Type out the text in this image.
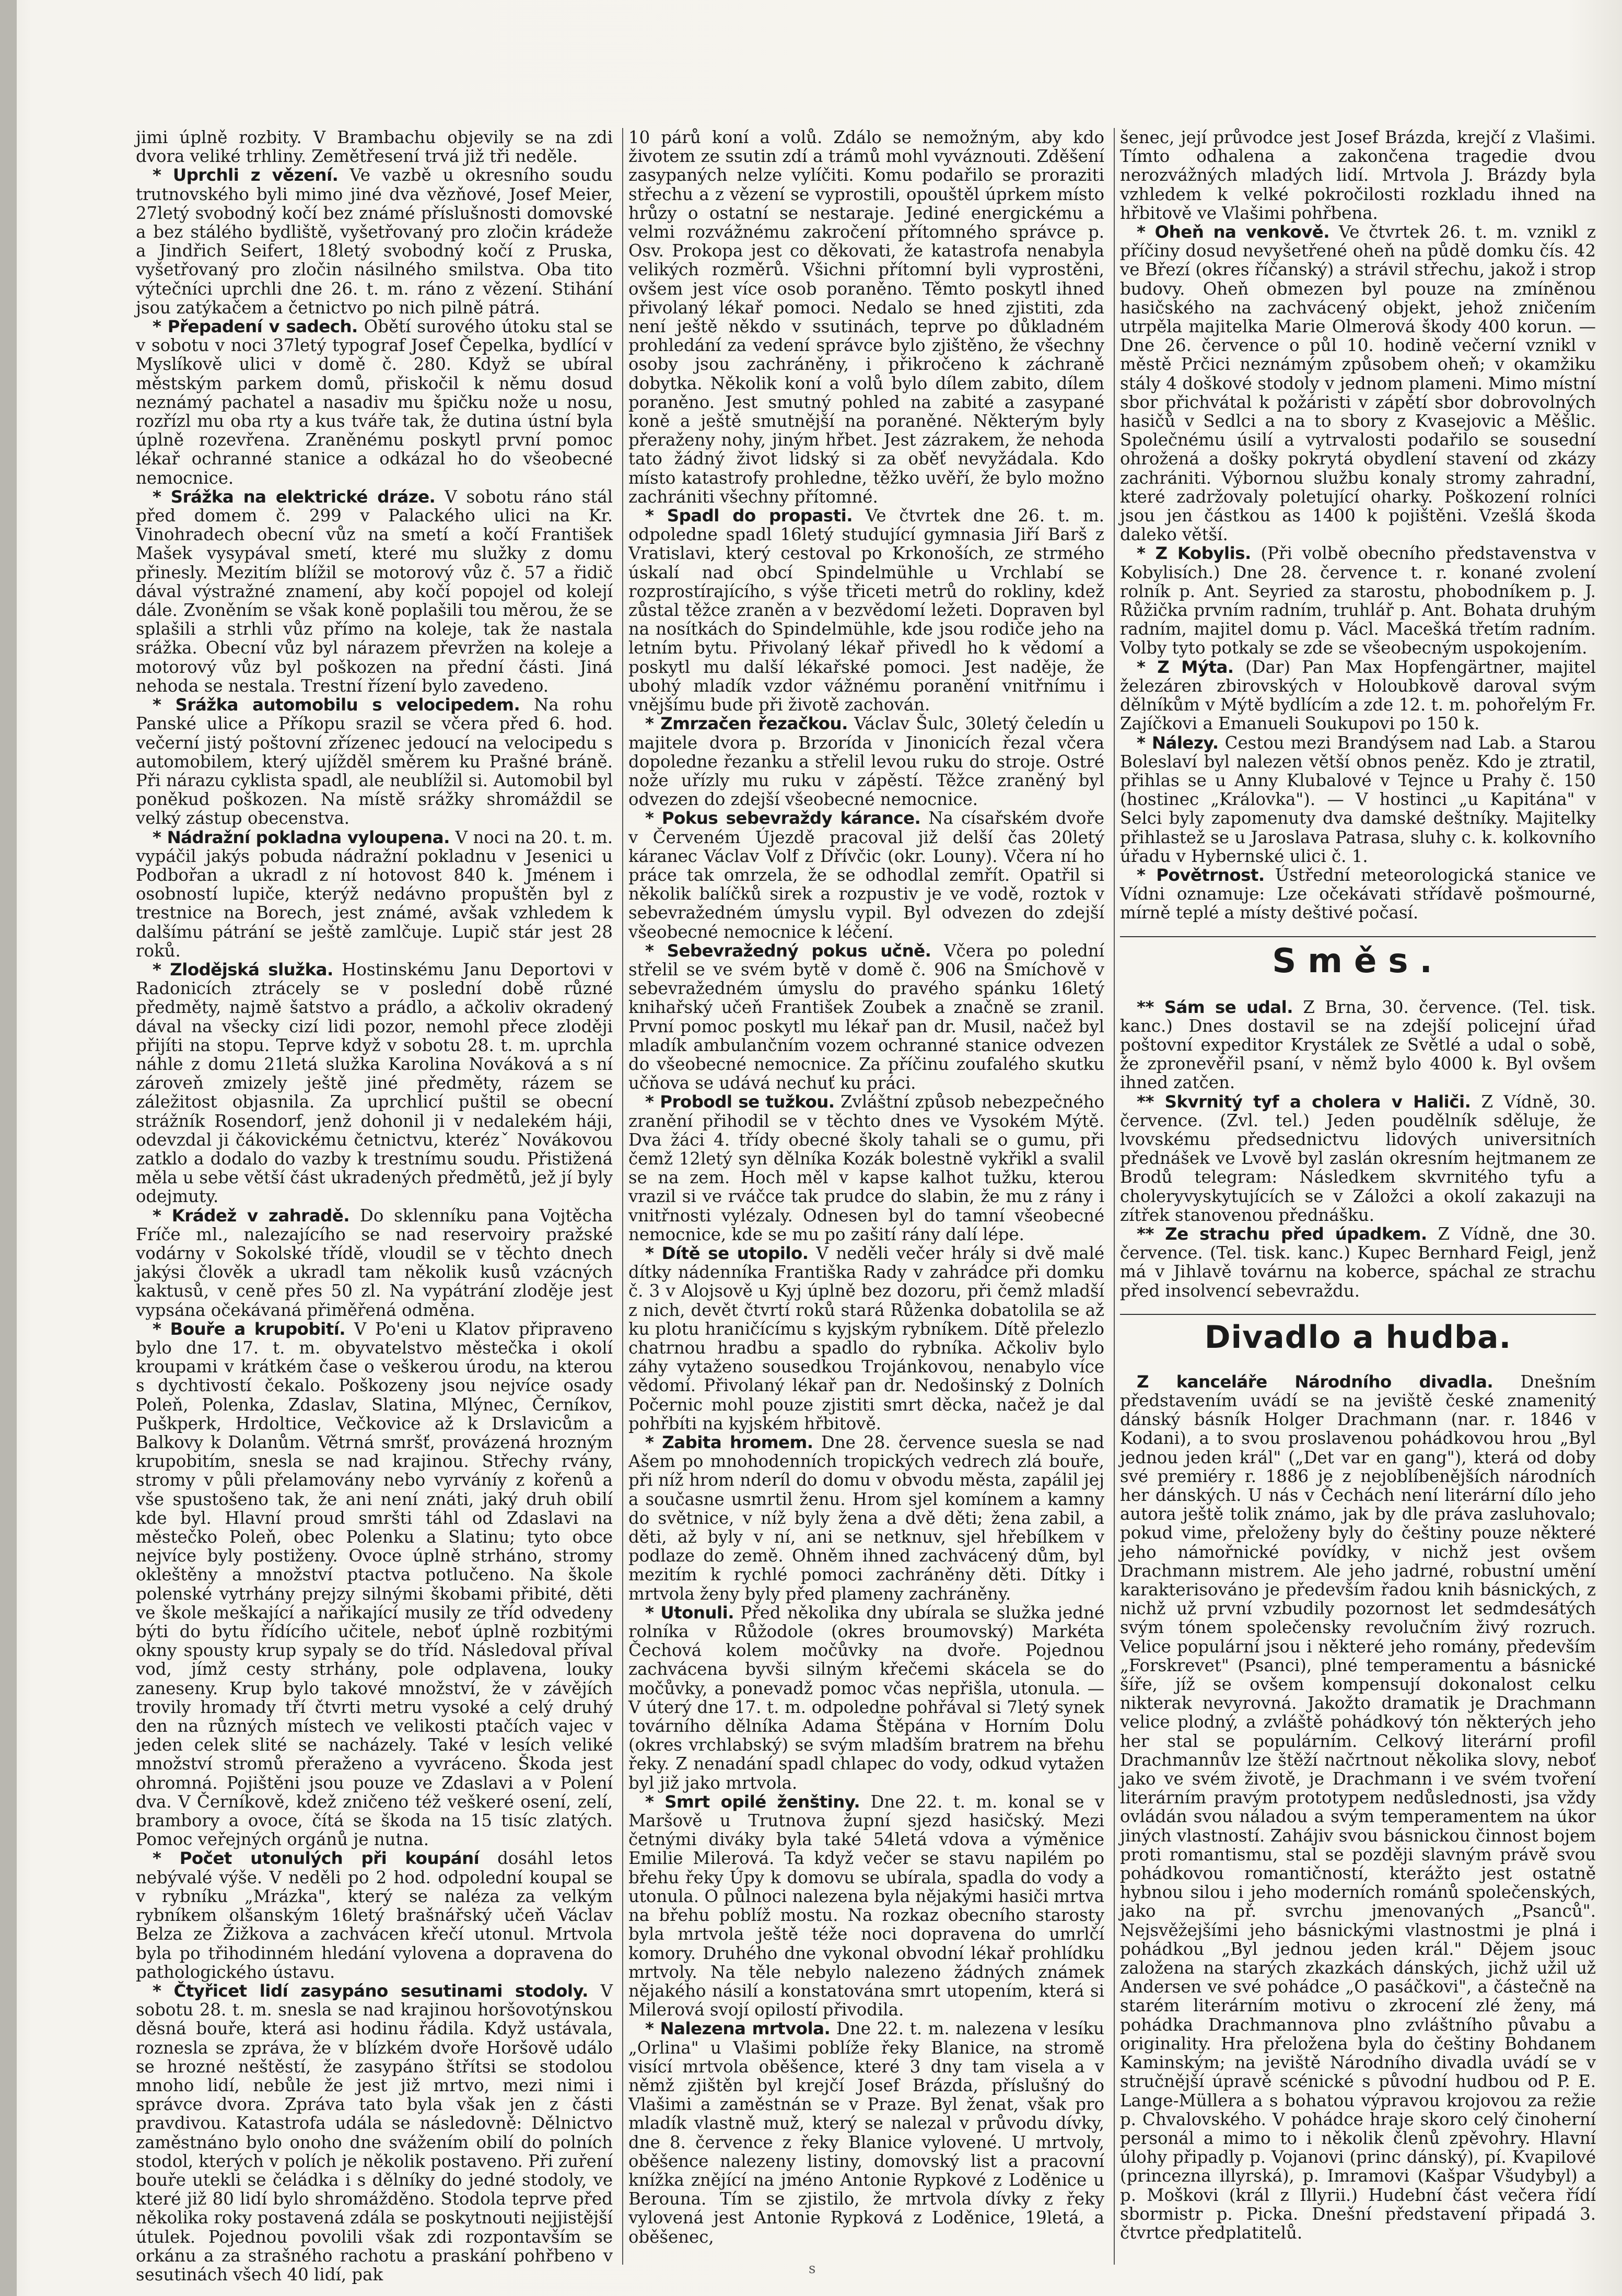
jimi úplně rozbity. V Brambachu objevily se na zdi dvora veliké trhliny. Zemětřesení trvá již tři neděle.

* Uprchli z vězení. Ve vazbě u okresního soudu trutnovského byli mimo jiné dva vězňové, Josef Meier, 27letý svobodný kočí bez známé příslušnosti domovské a bez stálého bydliště, vyšetřovaný pro zločin krádeže a Jindřich Seifert, 18letý svobodný kočí z Pruska, vyšetřovaný pro zločin násilného smilstva. Oba tito výtečníci uprchli dne 26. t. m. ráno z vězení. Stihání jsou zatýkačem a četnictvo po nich pilně pátrá.

* Přepadení v sadech. Obětí surového útoku stal se v sobotu v noci 37letý typograf Josef Čepelka, bydlící v Myslíkově ulici v domě č. 280. Když se ubíral městským parkem domů, přiskočil k němu dosud neznámý pachatel a nasadiv mu špičku nože u nosu, rozřízl mu oba rty a kus tváře tak, že dutina ústní byla úplně rozevřena. Zraněnému poskytl první pomoc lékař ochranné stanice a odkázal ho do všeobecné nemocnice.

* Srážka na elektrické dráze. V sobotu ráno stál před domem č. 299 v Palackého ulici na Kr. Vinohradech obecní vůz na smetí a kočí František Mašek vysypával smetí, které mu služky z domu přinesly. Mezitím blížil se motorový vůz č. 57 a řidič dával výstražné znamení, aby kočí popojel od kolejí dále. Zvoněním se však koně poplašili tou měrou, že se splašili a strhli vůz přímo na koleje, tak že nastala srážka. Obecní vůz byl nárazem převržen na koleje a motorový vůz byl poškozen na přední části. Jiná nehoda se nestala. Trestní řízení bylo zavedeno.

* Srážka automobilu s velocipedem. Na rohu Panské ulice a Příkopu srazil se včera před 6. hod. večerní jistý poštovní zřízenec jedoucí na velocipedu s automobilem, který ujížděl směrem ku Prašné bráně. Při nárazu cyklista spadl, ale neublížil si. Automobil byl poněkud poškozen. Na místě srážky shromáždil se velký zástup obecenstva.

* Nádražní pokladna vyloupena. V noci na 20. t. m. vypáčil jakýs pobuda nádražní pokladnu v Jesenici u Podbořan a ukradl z ní hotovost 840 k. Jménem i osobností lupiče, kterýž nedávno propuštěn byl z trestnice na Borech, jest známé, avšak vzhledem k dalšímu pátrání se ještě zamlčuje. Lupič stár jest 28 roků.

* Zlodějská služka. Hostinskému Janu Deportovi v Radonicích ztrácely se v poslední době různé předměty, najmě šatstvo a prádlo, a ačkoliv okradený dával na všecky cizí lidi pozor, nemohl přece zloději přijíti na stopu. Teprve když v sobotu 28. t. m. uprchla náhle z domu 21letá služka Karolina Nováková a s ní zároveň zmizely ještě jiné předměty, rázem se záležitost objasnila. Za uprchlicí puštil se obecní strážník Rosendorf, jenž dohonil ji v nedalekém háji, odevzdal ji čákovickému četnictvu, kterézˇ Novákovou zatklo a dodalo do vazby k trestnímu soudu. Přistižená měla u sebe větší část ukradených předmětů, jež jí byly odejmuty.

* Krádež v zahradě. Do sklenníku pana Vojtěcha Fríče ml., nalezajícího se nad reservoiry pražské vodárny v Sokolské třídě, vloudil se v těchto dnech jakýsi člověk a ukradl tam několik kusů vzácných kaktusů, v ceně přes 50 zl. Na vypátrání zloděje jest vypsána očekávaná přiměřená odměna.

* Bouře a krupobití. V Po'eni u Klatov připraveno bylo dne 17. t. m. obyvatelstvo městečka i okolí kroupami v krátkém čase o veškerou úrodu, na kterou s dychtivostí čekalo. Poškozeny jsou nejvíce osady Poleň, Polenka, Zdaslav, Slatina, Mlýnec, Černíkov, Puškperk, Hrdoltice, Večkovice až k Drslavicům a Balkovy k Dolanům. Větrná smršť, provázená hrozným krupobitím, snesla se nad krajinou. Střechy rvány, stromy v půli přelamovány nebo vyrváníy z kořenů a vše spustošeno tak, že ani není znáti, jaký druh obilí kde byl. Hlavní proud smršti táhl od Zdaslavi na městečko Poleň, obec Polenku a Slatinu; tyto obce nejvíce byly postiženy. Ovoce úplně strháno, stromy okleštěny a množství ptactva potlučeno. Na škole polenské vytrhány prejzy silnými škobami přibité, děti ve škole meškající a nařikající musily ze tříd odvedeny býti do bytu řídícího učitele, neboť úplně rozbitými okny spousty krup sypaly se do tříd. Následoval příval vod, jímž cesty strhány, pole odplavena, louky zaneseny. Krup bylo takové množství, že v závějích trovily hromady tří čtvrti metru vysoké a celý druhý den na různých místech ve velikosti ptačích vajec v jeden celek slité se nacházely. Také v lesích veliké množství stromů přeraženo a vyvráceno. Škoda jest ohromná. Pojištěni jsou pouze ve Zdaslavi a v Polení dva. V Černíkově, kdež zničeno též veškeré osení, zelí, brambory a ovoce, čítá se škoda na 15 tisíc zlatých. Pomoc veřejných orgánů je nutna.

* Počet utonulých při koupání dosáhl letos nebývalé výše. V neděli po 2 hod. odpolední koupal se v rybníku „Mrázka", který se naléza za velkým rybníkem olšanským 16letý brašnářský učeň Václav Belza ze Žižkova a zachvácen křečí utonul. Mrtvola byla po třihodinném hledání vylovena a dopravena do pathologického ústavu.

* Čtyřicet lidí zasypáno sesutinami stodoly. V sobotu 28. t. m. snesla se nad krajinou horšovotýnskou děsná bouře, která asi hodinu řádila. Když ustávala, roznesla se zpráva, že v blízkém dvoře Horšově událo se hrozné neštěstí, že zasypáno štřítsi se stodolou mnoho lidí, nebůle že jest již mrtvo, mezi nimi i správce dvora. Zpráva tato byla však jen z části pravdivou. Katastrofa udála se následovně: Dělnictvo zaměstnáno bylo onoho dne svážením obilí do polních stodol, kterých v polích je několik postaveno. Při zuření bouře utekli se čeládka i s dělníky do jedné stodoly, ve které již 80 lidí bylo shromážděno. Stodola teprve před několika roky postavená zdála se poskytnouti nejjistější útulek. Pojednou povolili však zdi rozpontavším se orkánu a za strašného rachotu a praskání pohřbeno v sesutinách všech 40 lidí, pak

10 párů koní a volů. Zdálo se nemožným, aby kdo životem ze ssutin zdí a trámů mohl vyváznouti. Zděšení zasypaných nelze vylíčiti. Komu podařilo se proraziti střechu a z vězení se vyprostili, opouštěl úprkem místo hrůzy o ostatní se nestaraje. Jediné energickému a velmi rozvážnému zakročení přítomného správce p. Osv. Prokopa jest co děkovati, že katastrofa nenabyla velikých rozměrů. Všichni přítomní byli vyprostěni, ovšem jest více osob poraněno. Těmto poskytl ihned přivolaný lékař pomoci. Nedalo se hned zjistiti, zda není ještě někdo v ssutinách, teprve po důkladném prohledání za vedení správce bylo zjištěno, že všechny osoby jsou zachráněny, i přikročeno k záchraně dobytka. Několik koní a volů bylo dílem zabito, dílem poraněno. Jest smutný pohled na zabité a zasypané koně a ještě smutnější na poraněné. Některým byly přeraženy nohy, jiným hřbet. Jest zázrakem, že nehoda tato žádný život lidský si za oběť nevyžádala. Kdo místo katastrofy prohledne, těžko uvěří, že bylo možno zachrániti všechny přítomné.

* Spadl do propasti. Ve čtvrtek dne 26. t. m. odpoledne spadl 16letý studující gymnasia Jiří Barš z Vratislavi, který cestoval po Krkonoších, ze strmého úskalí nad obcí Spindelmühle u Vrchlabí se rozprostírajícího, s výše třiceti metrů do rokliny, kdež zůstal těžce zraněn a v bezvědomí ležeti. Dopraven byl na nosítkách do Spindelmühle, kde jsou rodiče jeho na letním bytu. Přivolaný lékař přivedl ho k vědomí a poskytl mu další lékařské pomoci. Jest naděje, že ubohý mladík vzdor vážnému poranění vnitřnímu i vnějšímu bude při životě zachován.

* Zmrzačen řezačkou. Václav Šulc, 30letý čeledín u majitele dvora p. Brzorída v Jinonicích řezal včera dopoledne řezanku a střelil levou ruku do stroje. Ostré nože uřízly mu ruku v zápěstí. Těžce zraněný byl odvezen do zdejší všeobecné nemocnice.

* Pokus sebevraždy kárance. Na císařském dvoře v Červeném Újezdě pracoval již delší čas 20letý káranec Václav Volf z Dřívčic (okr. Louny). Včera ní ho práce tak omrzela, že se odhodlal zemřít. Opatřil si několik balíčků sirek a rozpustiv je ve vodě, roztok v sebevražedném úmyslu vypil. Byl odvezen do zdejší všeobecné nemocnice k léčení.

* Sebevražedný pokus učně. Včera po polední střelil se ve svém bytě v domě č. 906 na Smíchově v sebevražedném úmyslu do pravého spánku 16letý knihařský učeň František Zoubek a značně se zranil. První pomoc poskytl mu lékař pan dr. Musil, načež byl mladík ambulančním vozem ochranné stanice odvezen do všeobecné nemocnice. Za příčinu zoufalého skutku učňova se udává nechuť ku práci.

* Probodl se tužkou. Zvláštní způsob nebezpečného zranění přihodil se v těchto dnes ve Vysokém Mýtě. Dva žáci 4. třídy obecné školy tahali se o gumu, při čemž 12letý syn dělníka Kozák bolestně vykřikl a svalil se na zem. Hoch měl v kapse kalhot tužku, kterou vrazil si ve rváčce tak prudce do slabin, že mu z rány i vnitřnosti vylézaly. Odnesen byl do tamní všeobecné nemocnice, kde se mu po zašití rány dalí lépe.

* Dítě se utopilo. V neděli večer hrály si dvě malé dítky nádenníka Františka Rady v zahrádce při domku č. 3 v Alojsově u Kyj úplně bez dozoru, při čemž mladší z nich, devět čtvrtí roků stará Růženka dobatolila se až ku plotu hraničícímu s kyjským rybníkem. Dítě přelezlo chatrnou hradbu a spadlo do rybníka. Ačkoliv bylo záhy vytaženo sousedkou Trojánkovou, nenabylo více vědomí. Přivolaný lékař pan dr. Nedošinský z Dolních Počernic mohl pouze zjistiti smrt děcka, načež je dal pohřbíti na kyjském hřbitově.

* Zabita hromem. Dne 28. července suesla se nad Ašem po mnohodenních tropických vedrech zlá bouře, při níž hrom nderíl do domu v obvodu města, zapálil jej a současne usmrtil ženu. Hrom sjel komínem a kamny do světnice, v níž byly žena a dvě děti; žena zabil, a děti, až byly v ní, ani se netknuv, sjel hřebílkem v podlaze do země. Ohněm ihned zachvácený dům, byl mezitím k rychlé pomoci zachráněny děti. Dítky i mrtvola ženy byly před plameny zachráněny.

* Utonuli. Před několika dny ubírala se služka jedné rolníka v Růžodole (okres broumovský) Markéta Čechová kolem močůvky na dvoře. Pojednou zachvácena byvši silným křečemi skácela se do močůvky, a ponevadž pomoc včas nepřišla, utonula. — V úterý dne 17. t. m. odpoledne pohřával si 7letý synek továrního dělníka Adama Štěpána v Horním Dolu (okres vrchlabský) se svým mladším bratrem na břehu řeky. Z nenadání spadl chlapec do vody, odkud vytažen byl již jako mrtvola.

* Smrt opilé ženštiny. Dne 22. t. m. konal se v Maršově u Trutnova župní sjezd hasičský. Mezi četnými diváky byla také 54letá vdova a výměnice Emilie Milerová. Ta když večer se stavu napilém po břehu řeky Úpy k domovu se ubírala, spadla do vody a utonula. O půlnoci nalezena byla nějakými hasiči mrtva na břehu poblíž mostu. Na rozkaz obecního starosty byla mrtvola ještě téže noci dopravena do umrlčí komory. Druhého dne vykonal obvodní lékař prohlídku mrtvoly. Na těle nebylo nalezeno žádných známek nějakého násilí a konstatována smrt utopením, která si Milerová svojí opilostí přivodila.

* Nalezena mrtvola. Dne 22. t. m. nalezena v lesíku „Orlina" u Vlašimi poblíže řeky Blanice, na stromě visící mrtvola oběšence, které 3 dny tam visela a v němž zjištěn byl krejčí Josef Brázda, příslušný do Vlašimi a zaměstnán se v Praze. Byl ženat, však pro mladík vlastně muž, který se nalezal v průvodu dívky, dne 8. července z řeky Blanice vylovené. U mrtvoly, oběšence nalezeny listiny, domovský list a pracovní knížka znějící na jméno Antonie Rypkové z Loděnice u Berouna. Tím se zjistilo, že mrtvola dívky z řeky vylovená jest Antonie Rypková z Loděnice, 19letá, a oběšenec,

šenec, její průvodce jest Josef Brázda, krejčí z Vlašimi. Tímto odhalena a zakončena tragedie dvou nerozvážných mladých lidí. Mrtvola J. Brázdy byla vzhledem k velké pokročilosti rozkladu ihned na hřbitově ve Vlašimi pohřbena.

* Oheň na venkově. Ve čtvrtek 26. t. m. vznikl z příčiny dosud nevyšetřené oheň na půdě domku čís. 42 ve Březí (okres říčanský) a strávil střechu, jakož i strop budovy. Oheň obmezen byl pouze na zmíněnou hasičského na zachvácený objekt, jehož zničením utrpěla majitelka Marie Olmerová škody 400 korun. — Dne 26. července o půl 10. hodině večerní vznikl v městě Prčici neznámým způsobem oheň; v okamžiku stály 4 doškové stodoly v jednom plameni. Mimo místní sbor přichvátal k požáristi v zápětí sbor dobrovolných hasičů v Sedlci a na to sbory z Kvasejovic a Měšlic. Společnému úsilí a vytrvalosti podařilo se sousední ohrožená a došky pokrytá obydlení stavení od zkázy zachrániti. Výbornou službu konaly stromy zahradní, které zadržovaly poletující oharky. Poškození rolníci jsou jen částkou as 1400 k pojištěni. Vzešlá škoda daleko větší.

* Z Kobylis. (Při volbě obecního představenstva v Kobylisích.) Dne 28. července t. r. konané zvolení rolník p. Ant. Seyried za starostu, phobodníkem p. J. Růžička prvním radním, truhlář p. Ant. Bohata druhým radním, majitel domu p. Václ. Macešká třetím radním. Volby tyto potkaly se zde se všeobecným uspokojením.

* Z Mýta. (Dar) Pan Max Hopfengärtner, majitel železáren zbirovských v Holoubkově daroval svým dělníkům v Mýtě bydlícím a zde 12. t. m. pohořelým Fr. Zajíčkovi a Emanueli Soukupovi po 150 k.

* Nálezy. Cestou mezi Brandýsem nad Lab. a Starou Boleslaví byl nalezen větší obnos peněz. Kdo je ztratil, přihlas se u Anny Klubalové v Tejnce u Prahy č. 150 (hostinec „Královka"). — V hostinci „u Kapitána" v Selci byly zapomenuty dva damské deštníky. Majitelky přihlastež se u Jaroslava Patrasa, sluhy c. k. kolkovního úřadu v Hybernské ulici č. 1.

* Povětrnost. Ústřední meteorologická stanice ve Vídni oznamuje: Lze očekávati střídavě pošmourné, mírně teplé a místy deštivé počasí.

Směs.

** Sám se udal. Z Brna, 30. července. (Tel. tisk. kanc.) Dnes dostavil se na zdejší policejní úřad poštovní expeditor Krystálek ze Světlé a udal o sobě, že zpronevěřil psaní, v němž bylo 4000 k. Byl ovšem ihned zatčen.

** Skvrnitý tyf a cholera v Haliči. Z Vídně, 30. července. (Zvl. tel.) Jeden poudělník sděluje, že lvovskému předsednictvu lidových universitních přednášek ve Lvově byl zaslán okresním hejtmanem ze Brodů telegram: Následkem skvrnitého tyfu a choleryvyskytujících se v Záložci a okolí zakazuji na zítřek stanovenou přednášku.

** Ze strachu před úpadkem. Z Vídně, dne 30. července. (Tel. tisk. kanc.) Kupec Bernhard Feigl, jenž má v Jihlavě továrnu na koberce, spáchal ze strachu před insolvencí sebevraždu.

Divadlo a hudba.

Z kanceláře Národního divadla. Dnešním představením uvádí se na jeviště české znamenitý dánský básník Holger Drachmann (nar. r. 1846 v Kodani), a to svou proslavenou pohádkovou hrou „Byl jednou jeden král" („Det var en gang"), která od doby své premiéry r. 1886 je z nejoblíbenějších národních her dánských. U nás v Čechách není literární dílo jeho autora ještě tolik známo, jak by dle práva zasluhovalo; pokud vime, přeloženy byly do češtiny pouze některé jeho námořnické povídky, v nichž jest ovšem Drachmann mistrem. Ale jeho jadrné, robustní umění karakterisováno je především řadou knih básnických, z nichž už první vzbudily pozornost let sedmdesátých svým tónem společensky revolučním živý rozruch. Velice populární jsou i některé jeho romány, především „Forskrevet" (Psanci), plné temperamentu a básnické šíře, jíž se ovšem kompensují dokonalost celku nikterak nevyrovná. Jakožto dramatik je Drachmann velice plodný, a zvláště pohádkový tón některých jeho her stal se populárním. Celkový literární profil Drachmannův lze štěží načrtnout několika slovy, neboť jako ve svém životě, je Drachmann i ve svém tvoření literárním pravým prototypem nedůslednosti, jsa vždy ovládán svou náladou a svým temperamentem na úkor jiných vlastností. Zahájiv svou básnickou činnost bojem proti romantismu, stal se později slavným právě svou pohádkovou romantičností, kterážto jest ostatně hybnou silou i jeho moderních románů společenských, jako na př. svrchu jmenovaných „Psanců". Nejsvěžejšími jeho básnickými vlastnostmi je plná i pohádkou „Byl jednou jeden král." Dějem jsouc založena na starých zkazkách dánských, jichž užil už Andersen ve své pohádce „O pasáčkovi", a částečně na starém literárním motivu o zkrocení zlé ženy, má pohádka Drachmannova plno zvláštního půvabu a originality. Hra přeložena byla do češtiny Bohdanem Kaminským; na jeviště Národního divadla uvádí se v stručnější úpravě scénické s původní hudbou od P. E. Lange-Müllera a s bohatou výpravou krojovou za režie p. Chvalovského. V pohádce hraje skoro celý činoherní personál a mimo to i několik členů zpěvohry. Hlavní úlohy připadly p. Vojanovi (princ dánský), pí. Kvapilové (princezna illyrská), p. Imramovi (Kašpar Všudybyl) a p. Moškovi (král z Illyrii.) Hudební část večera řídí sbormistr p. Picka. Dnešní představení připadá 3. čtvrtce předplatitelů.

s
